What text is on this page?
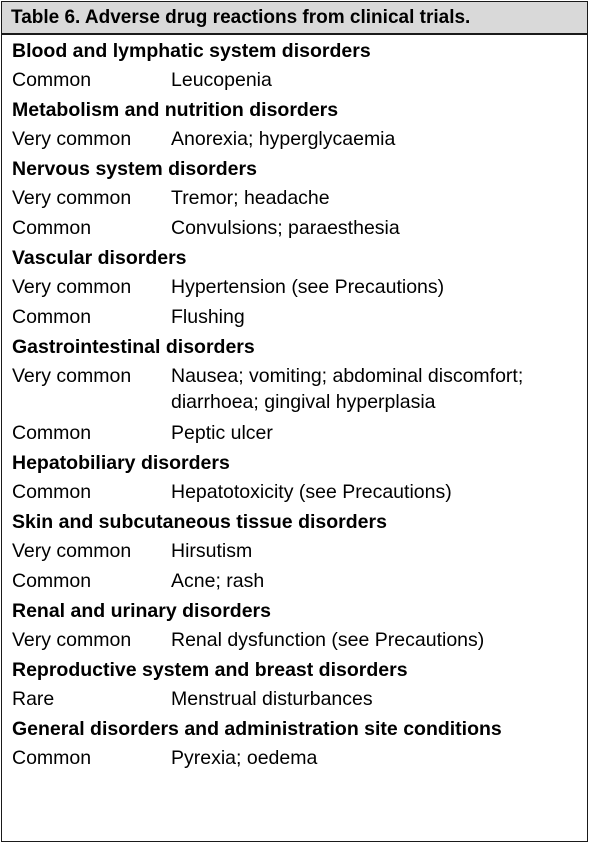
Table 6. Adverse drug reactions from clinical trials.
Blood and lymphatic system disorders
Common	Leucopenia
Metabolism and nutrition disorders
Very common	Anorexia; hyperglycaemia
Nervous system disorders
Very common	Tremor; headache
Common	Convulsions; paraesthesia
Vascular disorders
Very common	Hypertension (see Precautions)
Common	Flushing
Gastrointestinal disorders
Very common	Nausea; vomiting; abdominal discomfort;
diarrhoea; gingival hyperplasia
Common	Peptic ulcer
Hepatobiliary disorders
Common	Hepatotoxicity (see Precautions)
Skin and subcutaneous tissue disorders
Very common	Hirsutism
Common	Acne; rash
Renal and urinary disorders
Very common	Renal dysfunction (see Precautions)
Reproductive system and breast disorders
Rare	Menstrual disturbances
General disorders and administration site conditions
Common	Pyrexia; oedema
